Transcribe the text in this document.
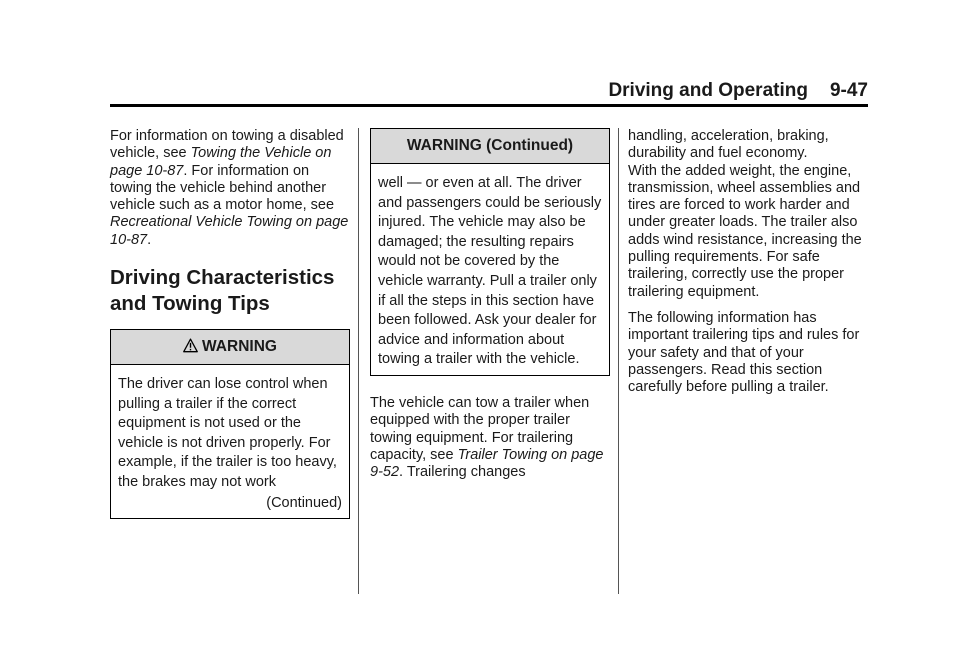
Driving and Operating 9-47

For information on towing a disabled vehicle, see Towing the Vehicle on page 10-87. For information on towing the vehicle behind another vehicle such as a motor home, see Recreational Vehicle Towing on page 10-87.

Driving Characteristics and Towing Tips
WARNING
The driver can lose control when pulling a trailer if the correct equipment is not used or the vehicle is not driven properly. For example, if the trailer is too heavy, the brakes may not work
(Continued)
WARNING (Continued)
well — or even at all. The driver and passengers could be seriously injured. The vehicle may also be damaged; the resulting repairs would not be covered by the vehicle warranty. Pull a trailer only if all the steps in this section have been followed. Ask your dealer for advice and information about towing a trailer with the vehicle.

The vehicle can tow a trailer when equipped with the proper trailer towing equipment. For trailering capacity, see Trailer Towing on page 9-52. Trailering changes

handling, acceleration, braking, durability and fuel economy.

With the added weight, the engine, transmission, wheel assemblies and tires are forced to work harder and under greater loads. The trailer also adds wind resistance, increasing the pulling requirements. For safe trailering, correctly use the proper trailering equipment.

The following information has important trailering tips and rules for your safety and that of your passengers. Read this section carefully before pulling a trailer.
